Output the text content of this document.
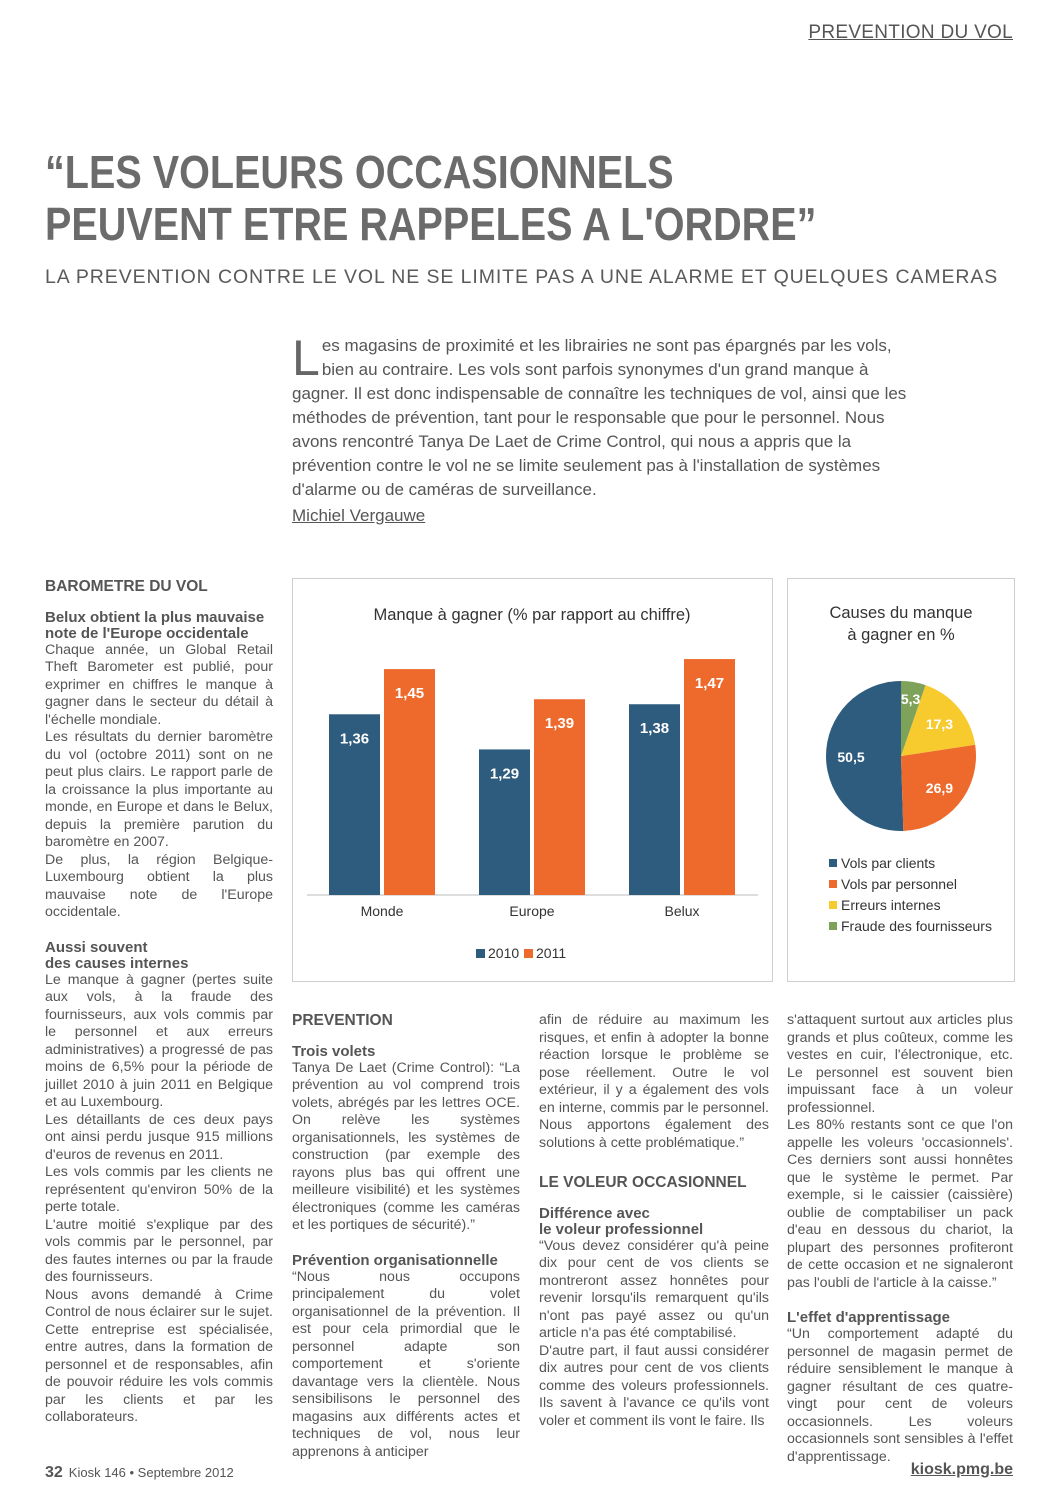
PREVENTION DU VOL
“LES VOLEURS OCCASIONNELS
PEUVENT ETRE RAPPELES A L'ORDRE”
LA PREVENTION CONTRE LE VOL NE SE LIMITE PAS A UNE ALARME ET QUELQUES CAMERAS
Les magasins de proximité et les librairies ne sont pas épargnés par les vols, bien au contraire. Les vols sont parfois synonymes d'un grand manque à gagner. Il est donc indispensable de connaître les techniques de vol, ainsi que les méthodes de prévention, tant pour le responsable que pour le personnel. Nous avons rencontré Tanya De Laet de Crime Control, qui nous a appris que la prévention contre le vol ne se limite seulement pas à l'installation de systèmes d'alarme ou de caméras de surveillance.
Michiel Vergauwe
BAROMETRE DU VOL
Belux obtient la plus mauvaise
note de l'Europe occidentale

Chaque année, un Global Retail Theft Barometer est publié, pour exprimer en chiffres le manque à gagner dans le secteur du détail à l'échelle mondiale.

Les résultats du dernier baromètre du vol (octobre 2011) sont on ne peut plus clairs. Le rapport parle de la croissance la plus importante au monde, en Europe et dans le Belux, depuis la première parution du baromètre en 2007.

De plus, la région Belgique-Luxembourg obtient la plus mauvaise note de l'Europe occidentale.

Aussi souvent
des causes internes

Le manque à gagner (pertes suite aux vols, à la fraude des fournisseurs, aux vols commis par le personnel et aux erreurs administratives) a progressé de pas moins de 6,5% pour la période de juillet 2010 à juin 2011 en Belgique et au Luxembourg.

Les détaillants de ces deux pays ont ainsi perdu jusque 915 millions d'euros de revenus en 2011.

Les vols commis par les clients ne représentent qu'environ 50% de la perte totale.

L'autre moitié s'explique par des vols commis par le personnel, par des fautes internes ou par la fraude des fournisseurs.

Nous avons demandé à Crime Control de nous éclairer sur le sujet. Cette entreprise est spécialisée, entre autres, dans la formation de personnel et de responsables, afin de pouvoir réduire les vols commis par les clients et par les collaborateurs.

Manque à gagner (% par rapport au chiffre)
1,36
1,45
Monde
1,29
1,39
Europe
1,38
1,47
Belux
2010 2011
Causes du manque
à gagner en %
50,5
26,9
17,3
5,3
Vols par clients
Vols par personnel
Erreurs internes
Fraude des fournisseurs
PREVENTION
Trois volets

Tanya De Laet (Crime Control): “La prévention au vol comprend trois volets, abrégés par les lettres OCE. On relève les systèmes organisationnels, les systèmes de construction (par exemple des rayons plus bas qui offrent une meilleure visibilité) et les systèmes électroniques (comme les caméras et les portiques de sécurité).”

Prévention organisationnelle

“Nous nous occupons principalement du volet organisationnel de la prévention. Il est pour cela primordial que le personnel adapte son comportement et s'oriente davantage vers la clientèle. Nous sensibilisons le personnel des magasins aux différents actes et techniques de vol, nous leur apprenons à anticiper

afin de réduire au maximum les risques, et enfin à adopter la bonne réaction lorsque le problème se pose réellement. Outre le vol extérieur, il y a également des vols en interne, commis par le personnel. Nous apportons également des solutions à cette problématique.”

LE VOLEUR OCCASIONNEL
Différence avec
le voleur professionnel

“Vous devez considérer qu'à peine dix pour cent de vos clients se montreront assez honnêtes pour revenir lorsqu'ils remarquent qu'ils n'ont pas payé assez ou qu'un article n'a pas été comptabilisé.

D'autre part, il faut aussi considérer dix autres pour cent de vos clients comme des voleurs professionnels. Ils savent à l'avance ce qu'ils vont voler et comment ils vont le faire. Ils

s'attaquent surtout aux articles plus grands et plus coûteux, comme les vestes en cuir, l'électronique, etc. Le personnel est souvent bien impuissant face à un voleur professionnel.

Les 80% restants sont ce que l'on appelle les voleurs 'occasionnels'. Ces derniers sont aussi honnêtes que le système le permet. Par exemple, si le caissier (caissière) oublie de comptabiliser un pack d'eau en dessous du chariot, la plupart des personnes profiteront de cette occasion et ne signaleront pas l'oubli de l'article à la caisse.”

L'effet d'apprentissage

“Un comportement adapté du personnel de magasin permet de réduire sensiblement le manque à gagner résultant de ces quatre-vingt pour cent de voleurs occasionnels. Les voleurs occasionnels sont sensibles à l'effet d'apprentissage.

32 Kiosk 146 • Septembre 2012	kiosk.pmg.be
